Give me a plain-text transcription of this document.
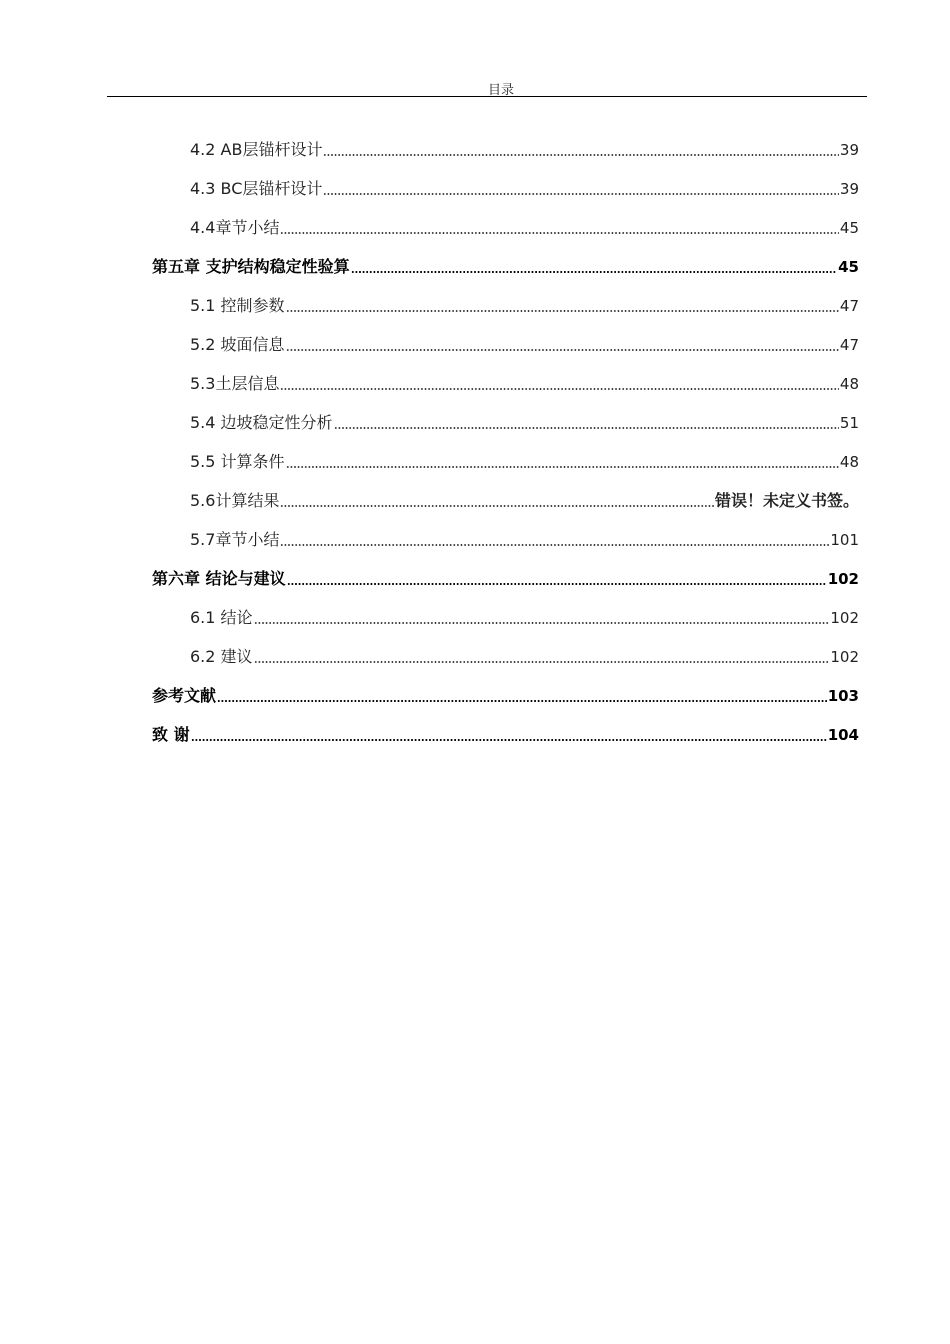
目录
4.2 AB层锚杆设计	39
4.3 BC层锚杆设计	39
4.4章节小结	45
第五章 支护结构稳定性验算	45
5.1 控制参数	47
5.2 坡面信息	47
5.3土层信息	48
5.4 边坡稳定性分析	51
5.5 计算条件	48
5.6计算结果	错误！未定义书签。
5.7章节小结	101
第六章 结论与建议	102
6.1 结论	102
6.2 建议	102
参考文献	103
致 谢	104
